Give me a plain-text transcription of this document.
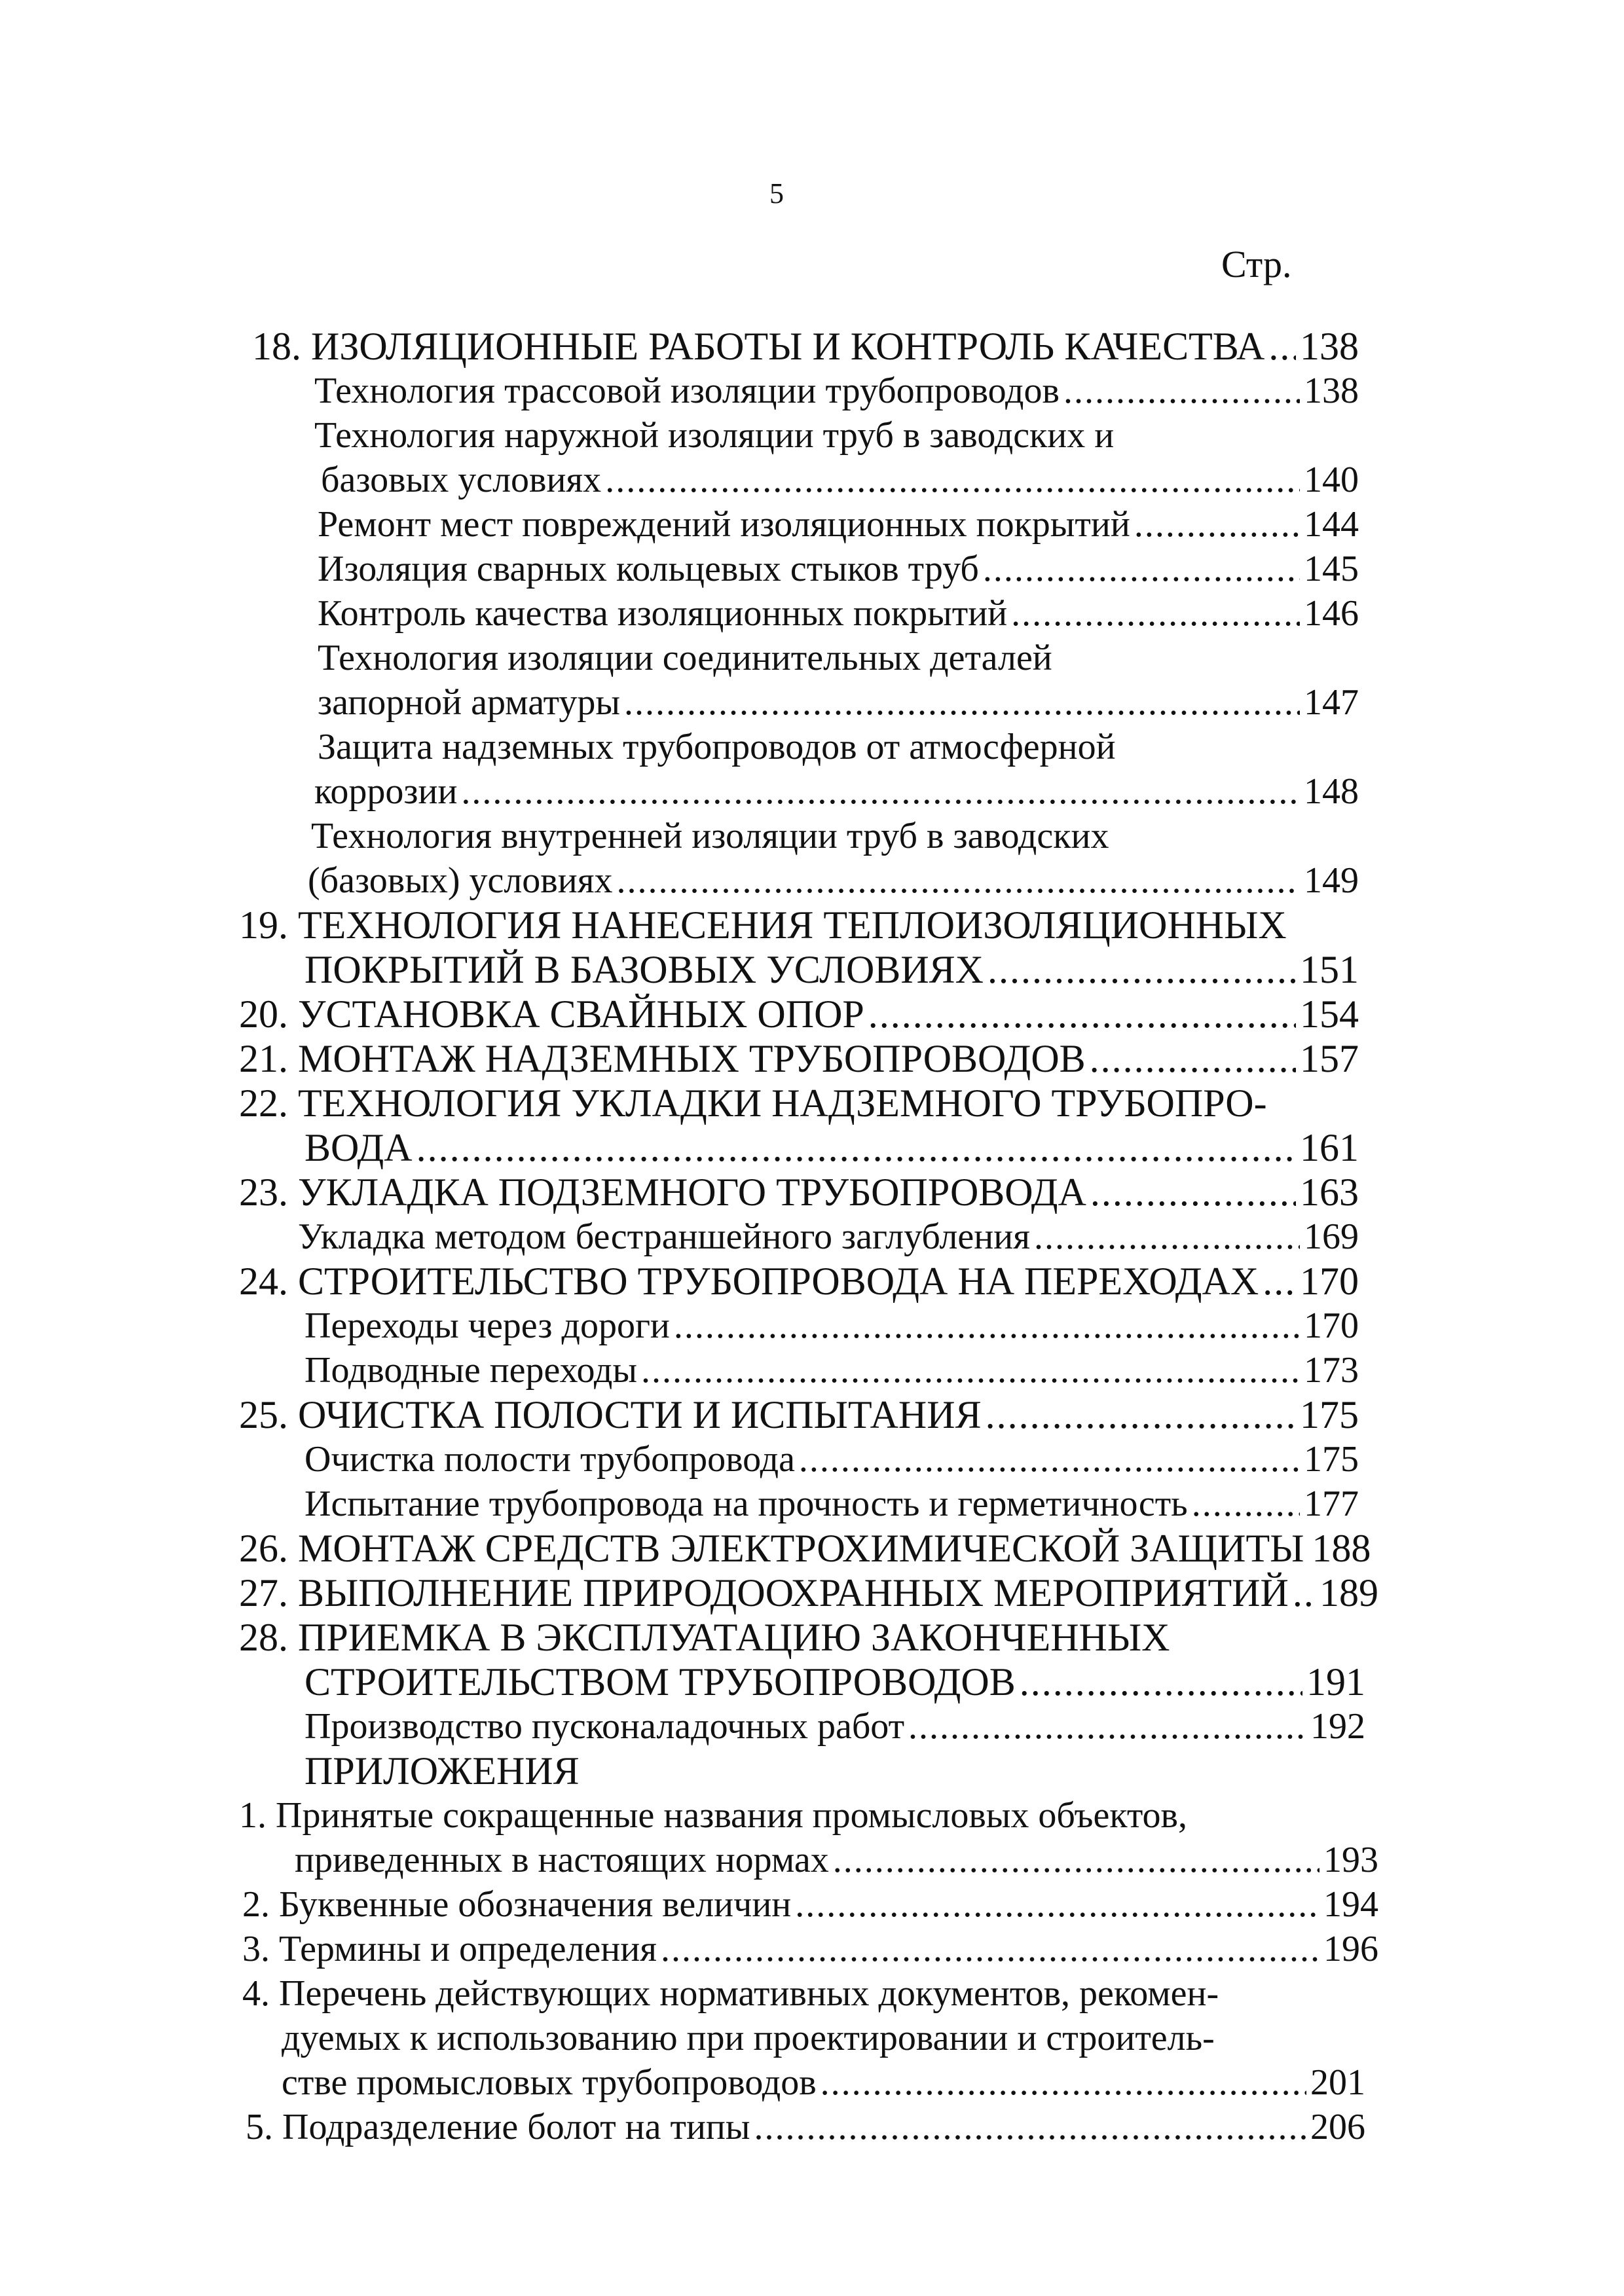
5
Стр.
18. ИЗОЛЯЦИОННЫЕ РАБОТЫ И КОНТРОЛЬ КАЧЕСТВА ..... 138
Технология трассовой изоляции трубопроводов .....	138
Технология наружной изоляции труб в заводских и
базовых условиях .....	140
Ремонт мест повреждений изоляционных покрытий .....	144
Изоляция сварных кольцевых стыков труб .....	145
Контроль качества изоляционных покрытий .....	146
Технология изоляции соединительных деталей
запорной арматуры .....	147
Защита надземных трубопроводов от атмосферной
коррозии .....	148
Технология внутренней изоляции труб в заводских
(базовых) условиях .....	149
19. ТЕХНОЛОГИЯ НАНЕСЕНИЯ ТЕПЛОИЗОЛЯЦИОННЫХ
ПОКРЫТИЙ В БАЗОВЫХ УСЛОВИЯХ .....	151
20. УСТАНОВКА СВАЙНЫХ ОПОР .....	154
21. МОНТАЖ НАДЗЕМНЫХ ТРУБОПРОВОДОВ .....	157
22. ТЕХНОЛОГИЯ УКЛАДКИ НАДЗЕМНОГО ТРУБОПРО-
ВОДА .....	161
23. УКЛАДКА ПОДЗЕМНОГО ТРУБОПРОВОДА .....	163
Укладка методом бестраншейного заглубления .....	169
24. СТРОИТЕЛЬСТВО ТРУБОПРОВОДА НА ПЕРЕХОДАХ ..... 170
Переходы через дороги .....	170
Подводные переходы .....	173
25. ОЧИСТКА ПОЛОСТИ И ИСПЫТАНИЯ .....	175
Очистка полости трубопровода .....	175
Испытание трубопровода на прочность и герметичность .....	177
26. МОНТАЖ СРЕДСТВ ЭЛЕКТРОХИМИЧЕСКОЙ ЗАЩИТЫ 188
27. ВЫПОЛНЕНИЕ ПРИРОДООХРАННЫХ МЕРОПРИЯТИЙ ..... 189
28. ПРИЕМКА В ЭКСПЛУАТАЦИЮ ЗАКОНЧЕННЫХ
СТРОИТЕЛЬСТВОМ ТРУБОПРОВОДОВ .....	191
Производство пусконаладочных работ .....	192
ПРИЛОЖЕНИЯ
1. Принятые сокращенные названия промысловых объектов,
приведенных в настоящих нормах .....	193
2. Буквенные обозначения величин .....	194
3. Термины и определения .....	196
4. Перечень действующих нормативных документов, рекомен-
дуемых к использованию при проектировании и строитель-
стве промысловых трубопроводов .....	201
5. Подразделение болот на типы .....	206
